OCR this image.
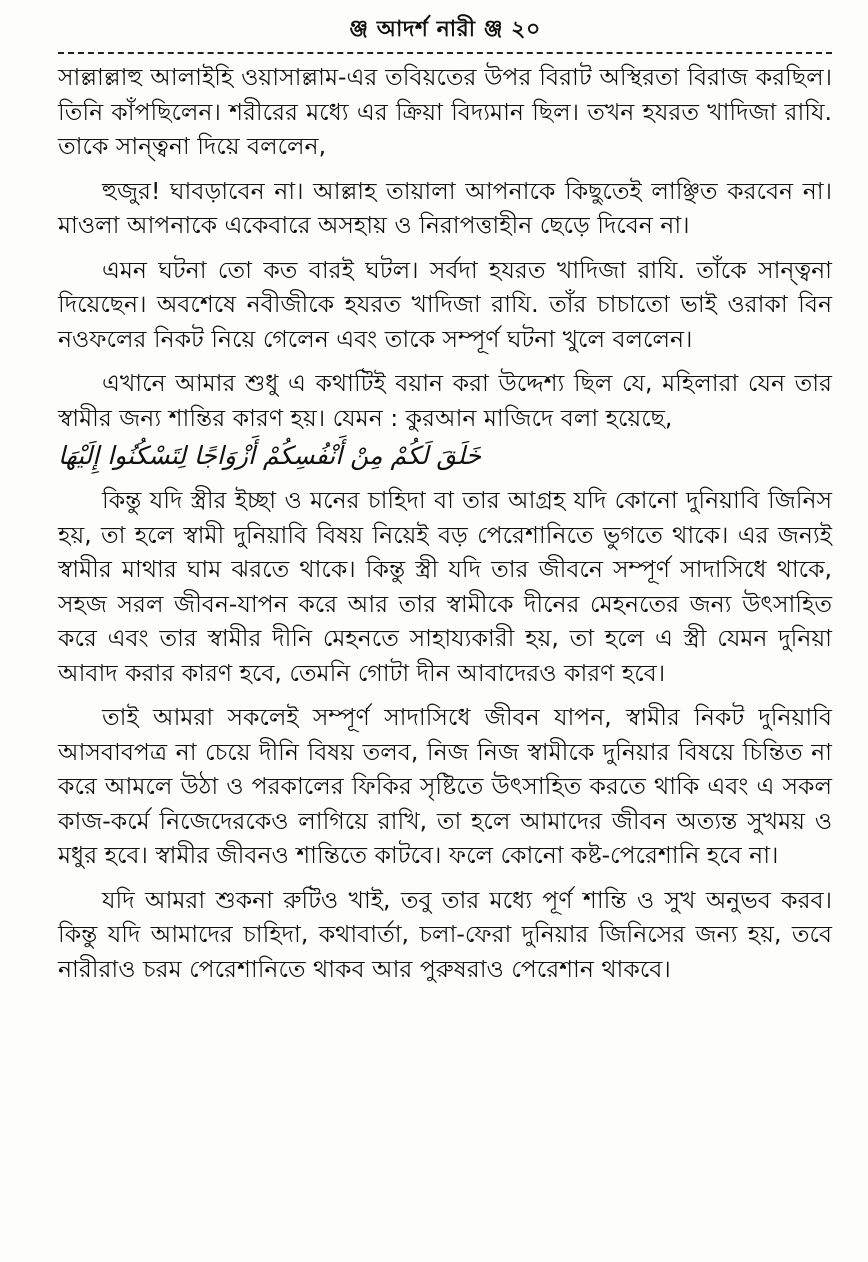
ঞ্জ
আদর্শ নারী
ঞ্জ
২০

সাল্লাল্লাহু আলাইহি ওয়াসাল্লাম-এর তবিয়তের উপর বিরাট অস্থিরতা বিরাজ করছিল। তিনি কাঁপছিলেন। শরীরের মধ্যে এর ক্রিয়া বিদ্যমান ছিল। তখন হযরত খাদিজা রাযি. তাকে সান্ত্বনা দিয়ে বললেন,

হুজুর! ঘাবড়াবেন না। আল্লাহ তায়ালা আপনাকে কিছুতেই লাঞ্ছিত করবেন না। মাওলা আপনাকে একেবারে অসহায় ও নিরাপত্তাহীন ছেড়ে দিবেন না।

এমন ঘটনা তো কত বারই ঘটল। সর্বদা হযরত খাদিজা রাযি. তাঁকে সান্ত্বনা দিয়েছেন। অবশেষে নবীজীকে হযরত খাদিজা রাযি. তাঁর চাচাতো ভাই ওরাকা বিন নওফলের নিকট নিয়ে গেলেন এবং তাকে সম্পূর্ণ ঘটনা খুলে বললেন।

এখানে আমার শুধু এ কথাটিই বয়ান করা উদ্দেশ্য ছিল যে, মহিলারা যেন তার স্বামীর জন্য শান্তির কারণ হয়। যেমন : কুরআন মাজিদে বলা হয়েছে,

خَلَقَ لَكُمْ مِنْ أَنْفُسِكُمْ أَزْوَاجًا لِتَسْكُنُوا إِلَيْهَا

কিন্তু যদি স্ত্রীর ইচ্ছা ও মনের চাহিদা বা তার আগ্রহ যদি কোনো দুনিয়াবি জিনিস হয়, তা হলে স্বামী দুনিয়াবি বিষয় নিয়েই বড় পেরেশানিতে ভুগতে থাকে। এর জন্যই স্বামীর মাথার ঘাম ঝরতে থাকে। কিন্তু স্ত্রী যদি তার জীবনে সম্পূর্ণ সাদাসিধে থাকে, সহজ সরল জীবন-যাপন করে আর তার স্বামীকে দীনের মেহনতের জন্য উৎসাহিত করে এবং তার স্বামীর দীনি মেহনতে সাহায্যকারী হয়, তা হলে এ স্ত্রী যেমন দুনিয়া আবাদ করার কারণ হবে, তেমনি গোটা দীন আবাদেরও কারণ হবে।

তাই আমরা সকলেই সম্পূর্ণ সাদাসিধে জীবন যাপন, স্বামীর নিকট দুনিয়াবি আসবাবপত্র না চেয়ে দীনি বিষয় তলব, নিজ নিজ স্বামীকে দুনিয়ার বিষয়ে চিন্তিত না করে আমলে উঠা ও পরকালের ফিকির সৃষ্টিতে উৎসাহিত করতে থাকি এবং এ সকল কাজ-কর্মে নিজেদেরকেও লাগিয়ে রাখি, তা হলে আমাদের জীবন অত্যন্ত সুখময় ও মধুর হবে। স্বামীর জীবনও শান্তিতে কাটবে। ফলে কোনো কষ্ট-পেরেশানি হবে না।

যদি আমরা শুকনা রুটিও খাই, তবু তার মধ্যে পূর্ণ শান্তি ও সুখ অনুভব করব। কিন্তু যদি আমাদের চাহিদা, কথাবার্তা, চলা-ফেরা দুনিয়ার জিনিসের জন্য হয়, তবে নারীরাও চরম পেরেশানিতে থাকব আর পুরুষরাও পেরেশান থাকবে।
